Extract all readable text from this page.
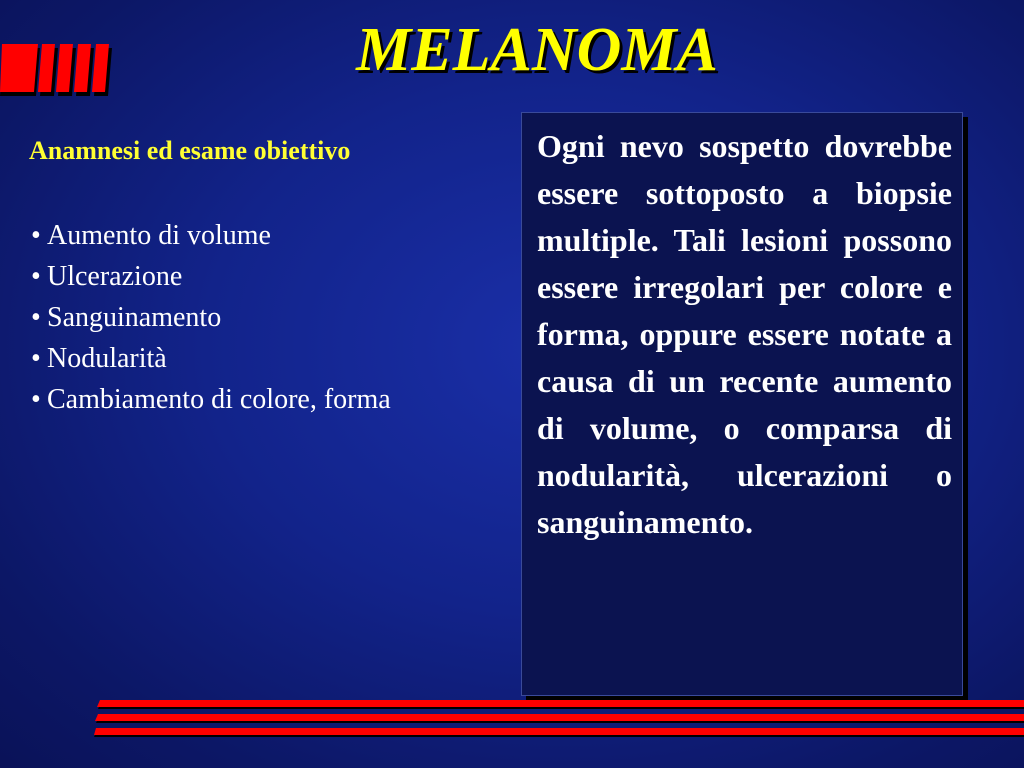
MELANOMA
Anamnesi ed esame obiettivo
• Aumento di volume
• Ulcerazione
• Sanguinamento
• Nodularità
• Cambiamento di colore, forma

Ogni nevo sospetto dovrebbe essere sottoposto a biopsie multiple. Tali lesioni possono essere irregolari per colore e forma, oppure essere notate a causa di un recente aumento di volume, o comparsa di nodularità, ulcerazioni o sanguinamento.
